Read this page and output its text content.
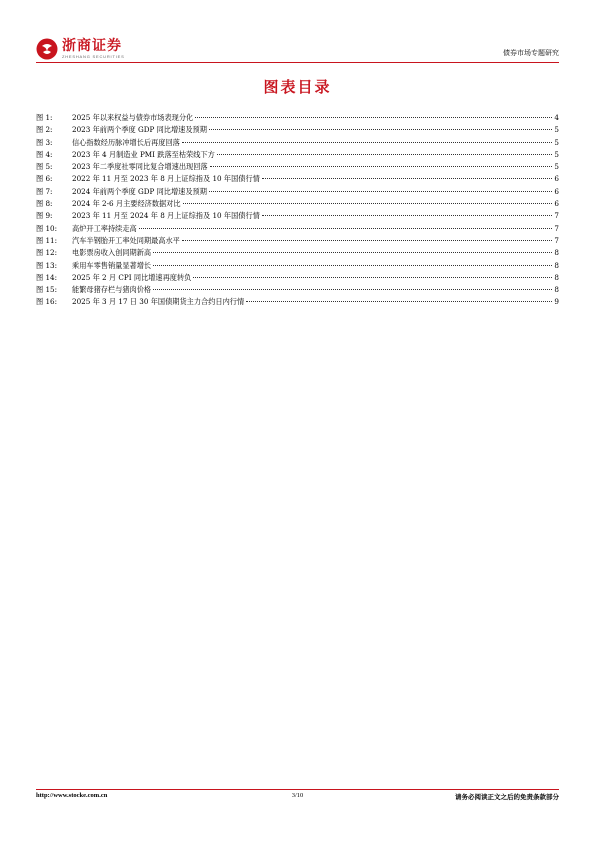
浙商证券
ZHESHANG SECURITIES	债券市场专题研究
图表目录
图 1:	2025 年以来权益与债券市场表现分化	4
图 2:	2023 年前两个季度 GDP 同比增速及预期	5
图 3:	信心指数经历脉冲增长后再度回落	5
图 4:	2023 年 4 月制造业 PMI 跌落至枯荣线下方	5
图 5:	2023 年二季度社零同比复合增速出现回落	5
图 6:	2022 年 11 月至 2023 年 8 月上证综指及 10 年国债行情	6
图 7:	2024 年前两个季度 GDP 同比增速及预期	6
图 8:	2024 年 2-6 月主要经济数据对比	6
图 9:	2023 年 11 月至 2024 年 8 月上证综指及 10 年国债行情	7
图 10:	高炉开工率持续走高	7
图 11:	汽车半钢胎开工率处同期最高水平	7
图 12:	电影票房收入创同期新高	8
图 13:	乘用车零售销量显著增长	8
图 14:	2025 年 2 月 CPI 同比增速再度转负	8
图 15:	能繁母猪存栏与猪肉价格	8
图 16:	2025 年 3 月 17 日 30 年国债期货主力合约日内行情	9
http://www.stocke.com.cn	3/10	请务必阅读正文之后的免责条款部分
